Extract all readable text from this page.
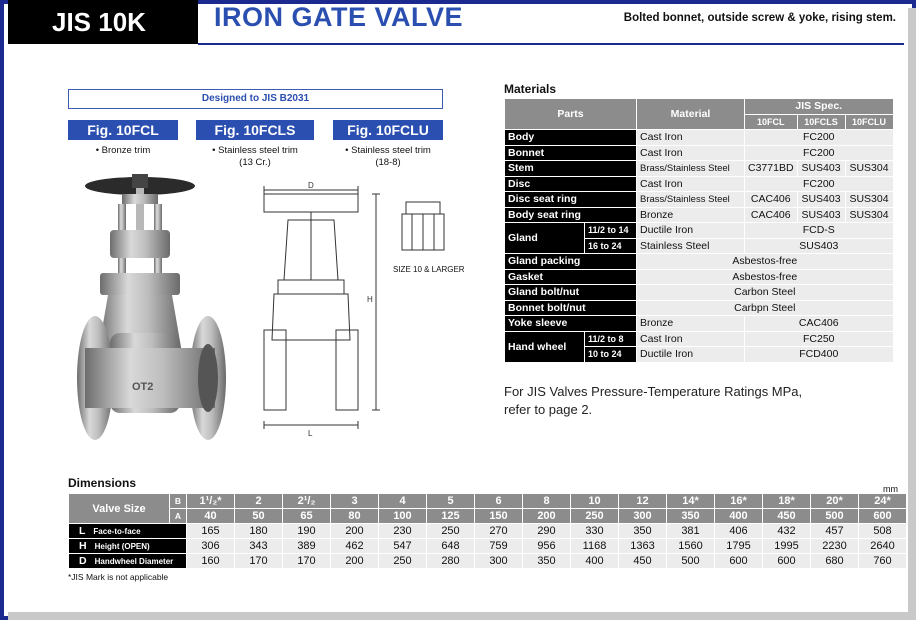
JIS 10K	IRON GATE VALVE	Bolted bonnet, outside screw & yoke, rising stem.
Designed to JIS B2031
Fig. 10FCL	Fig. 10FCLS	Fig. 10FCLU
• Bronze trim	• Stainless steel trim
(13 Cr.)
• Stainless steel trim
(18-8)
OT2
D
H
L
SIZE 10 & LARGER
Materials
Parts		Material	JIS Spec.		
			10FCL	10FCLS	10FCLU
Body		Cast Iron	FC200		
Bonnet		Cast Iron	FC200		
Stem		Brass/Stainless Steel	C3771BD	SUS403	SUS304
Disc		Cast Iron	FC200		
Disc seat ring		Brass/Stainless Steel	CAC406	SUS403	SUS304
Body seat ring		Bronze	CAC406	SUS403	SUS304
Gland	11/2 to 14	Ductile Iron	FCD-S		
	16 to 24	Stainless Steel	SUS403		
Gland packing		Asbestos-free			
Gasket		Asbestos-free			
Gland bolt/nut		Carbon Steel			
Bonnet bolt/nut		Carbpn Steel			
Yoke sleeve		Bronze	CAC406		
Hand wheel	11/2 to 8	Cast Iron	FC250		
	10 to 24	Ductile Iron	FCD400		
For JIS Valves Pressure-Temperature Ratings MPa,
refer to page 2.
Dimensions	mm
Valve Size	B	1¹/₂*	2	2¹/₂	3	4	5	6	8	10	12	14*	16*	18*	20*	24*
	A	40	50	65	80	100	125	150	200	250	300	350	400	450	500	600
L Face-to-face		165	180	190	200	230	250	270	290	330	350	381	406	432	457	508
H Height (OPEN)		306	343	389	462	547	648	759	956	1168	1363	1560	1795	1995	2230	2640
D Handwheel Diameter		160	170	170	200	250	280	300	350	400	450	500	600	600	680	760
*JIS Mark is not applicable
